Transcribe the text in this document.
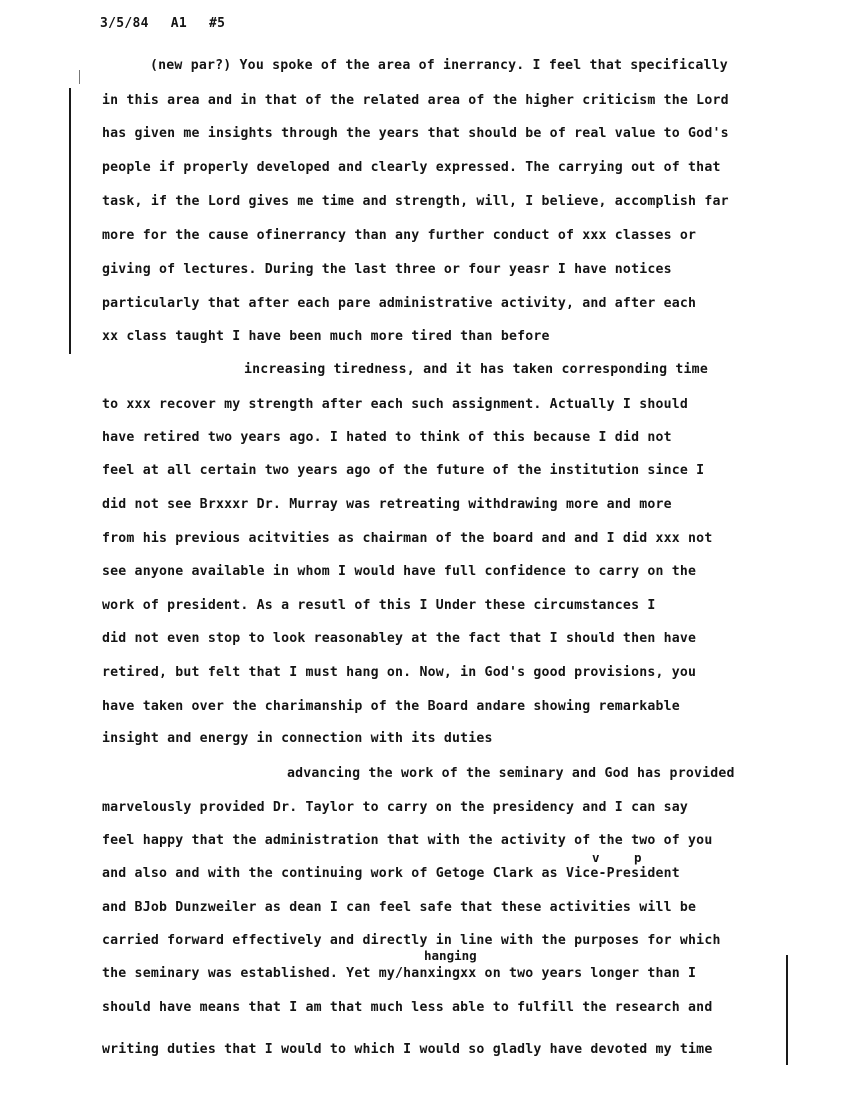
3/5/84 A1 #5
(new par?) You spoke of the area of inerrancy. I feel that specifically
in this area and in that of the related area of the higher criticism the Lord
has given me insights through the years that should be of real value to God's
people if properly developed and clearly expressed. The carrying out of that
task, if the Lord gives me time and strength, will, I believe, accomplish far
more for the cause ofinerrancy than any further conduct of xxx classes or
giving of lectures. During the last three or four yeasr I have notices
particularly that after each pare administrative activity, and after each
xx class taught I have been much more tired than before
increasing tiredness, and it has taken corresponding time
to xxx recover my strength after each such assignment. Actually I should
have retired two years ago. I hated to think of this because I did not
feel at all certain two years ago of the future of the institution since I
did not see Brxxxr Dr. Murray was retreating withdrawing more and more
from his previous acitvities as chairman of the board and and I did xxx not
see anyone available in whom I would have full confidence to carry on the
work of president. As a resutl of this I Under these circumstances I
did not even stop to look reasonabley at the fact that I should then have
retired, but felt that I must hang on. Now, in God's good provisions, you
have taken over the charimanship of the Board andare showing remarkable
insight and energy in connection with its duties
advancing the work of the seminary and God has provided
marvelously provided Dr. Taylor to carry on the presidency and I can say
feel happy that the administration that with the activity of the two of you
v	p
and also and with the continuing work of Getoge Clark as Vice-President
and BJob Dunzweiler as dean I can feel safe that these activities will be
carried forward effectively and directly in line with the purposes for which
hanging
the seminary was established. Yet my/hanxingxx on two years longer than I
should have means that I am that much less able to fulfill the research and
writing duties that I would to which I would so gladly have devoted my time
